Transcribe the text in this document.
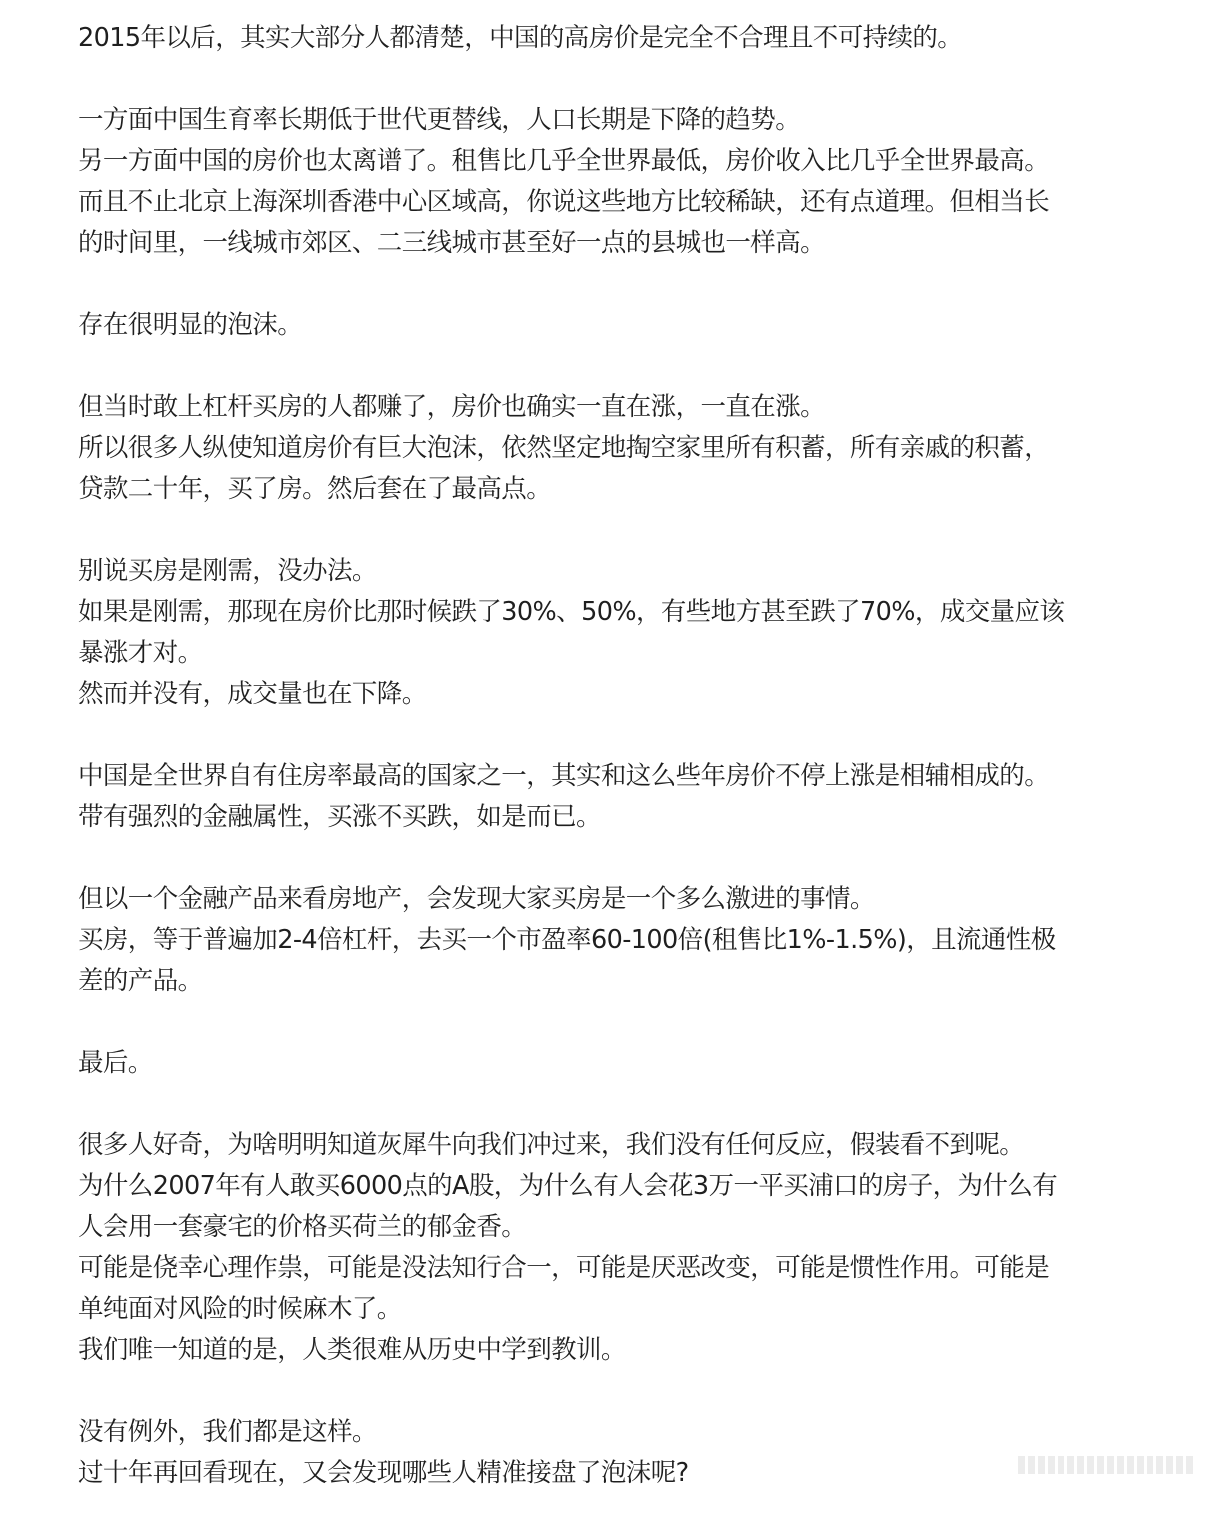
2015年以后，其实大部分人都清楚，中国的高房价是完全不合理且不可持续的。
一方面中国生育率长期低于世代更替线，人口长期是下降的趋势。
另一方面中国的房价也太离谱了。租售比几乎全世界最低，房价收入比几乎全世界最高。
而且不止北京上海深圳香港中心区域高，你说这些地方比较稀缺，还有点道理。但相当长
的时间里，一线城市郊区、二三线城市甚至好一点的县城也一样高。
存在很明显的泡沫。
但当时敢上杠杆买房的人都赚了，房价也确实一直在涨，一直在涨。
所以很多人纵使知道房价有巨大泡沫，依然坚定地掏空家里所有积蓄，所有亲戚的积蓄，
贷款二十年，买了房。然后套在了最高点。
别说买房是刚需，没办法。
如果是刚需，那现在房价比那时候跌了30%、50%，有些地方甚至跌了70%，成交量应该
暴涨才对。
然而并没有，成交量也在下降。
中国是全世界自有住房率最高的国家之一，其实和这么些年房价不停上涨是相辅相成的。
带有强烈的金融属性，买涨不买跌，如是而已。
但以一个金融产品来看房地产，会发现大家买房是一个多么激进的事情。
买房，等于普遍加2-4倍杠杆，去买一个市盈率60-100倍(租售比1%-1.5%)，且流通性极
差的产品。
最后。
很多人好奇，为啥明明知道灰犀牛向我们冲过来，我们没有任何反应，假装看不到呢。
为什么2007年有人敢买6000点的A股，为什么有人会花3万一平买浦口的房子，为什么有
人会用一套豪宅的价格买荷兰的郁金香。
可能是侥幸心理作祟，可能是没法知行合一，可能是厌恶改变，可能是惯性作用。可能是
单纯面对风险的时候麻木了。
我们唯一知道的是，人类很难从历史中学到教训。
没有例外，我们都是这样。
过十年再回看现在，又会发现哪些人精准接盘了泡沫呢?
